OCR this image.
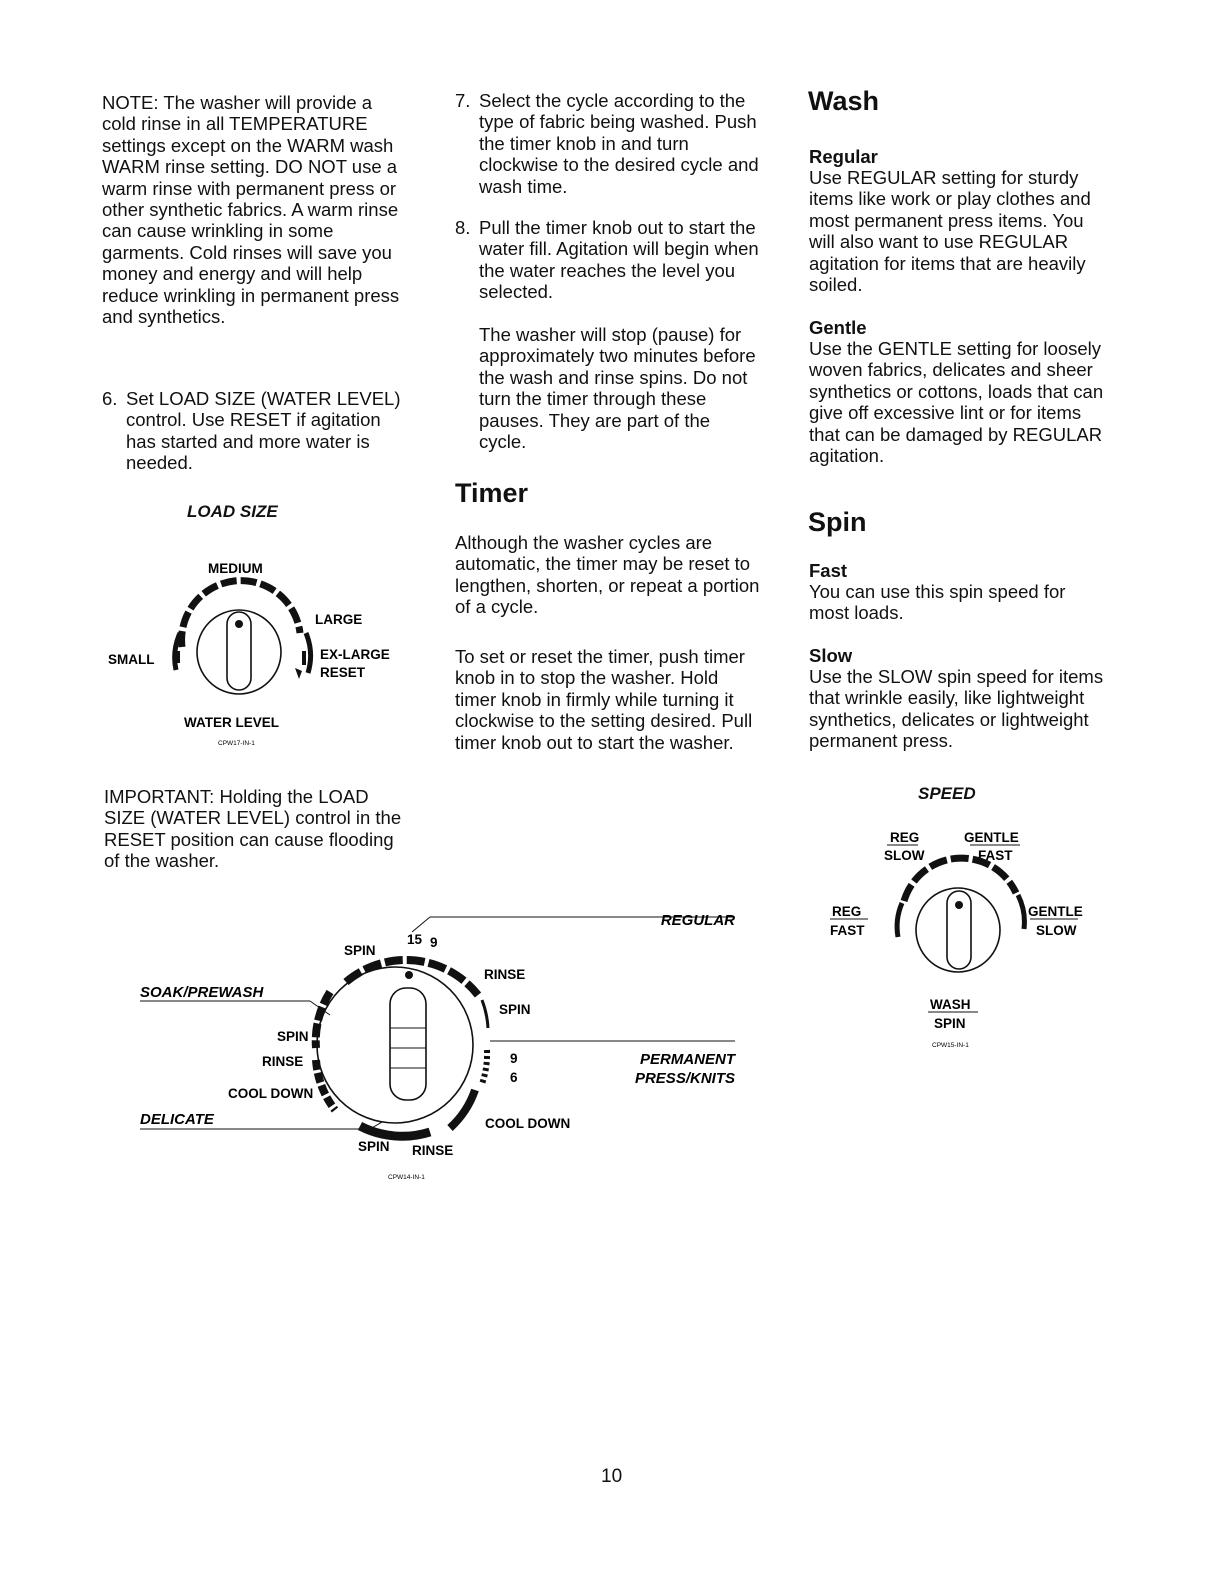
NOTE: The washer will provide a cold rinse in all TEMPERATURE settings except on the WARM wash WARM rinse setting. DO NOT use a warm rinse with permanent press or other synthetic fabrics. A warm rinse can cause wrinkling in some garments. Cold rinses will save you money and energy and will help reduce wrinkling in permanent press and synthetics.
6. Set LOAD SIZE (WATER LEVEL) control. Use RESET if agitation has started and more water is needed.
LOAD SIZE
MEDIUM
LARGE
SMALL	EX-LARGE
RESET
WATER LEVEL
CPW17-IN-1
IMPORTANT: Holding the LOAD SIZE (WATER LEVEL) control in the RESET position can cause flooding of the washer.
7. Select the cycle according to the type of fabric being washed. Push the timer knob in and turn clockwise to the desired cycle and wash time.
8. Pull the timer knob out to start the water fill. Agitation will begin when the water reaches the level you selected.
The washer will stop (pause) for approximately two minutes before the wash and rinse spins. Do not turn the timer through these pauses. They are part of the cycle.
Timer
Although the washer cycles are automatic, the timer may be reset to lengthen, shorten, or repeat a portion of a cycle.
To set or reset the timer, push timer knob in to stop the washer. Hold timer knob in firmly while turning it clockwise to the setting desired. Pull timer knob out to start the washer.
REGULAR
SOAK/PREWASH
PERMANENT
PRESS/KNITS
DELICATE
SPIN
15 9
RINSE
SPIN
SPIN
RINSE
COOL DOWN
9
6
COOL DOWN
SPIN RINSE
CPW14-IN-1
Wash
Regular
Use REGULAR setting for sturdy items like work or play clothes and most permanent press items. You will also want to use REGULAR agitation for items that are heavily soiled.
Gentle
Use the GENTLE setting for loosely woven fabrics, delicates and sheer synthetics or cottons, loads that can give off excessive lint or for items that can be damaged by REGULAR agitation.
Spin
Fast
You can use this spin speed for most loads.
Slow
Use the SLOW spin speed for items that wrinkle easily, like lightweight synthetics, delicates or lightweight permanent press.
SPEED
REG
SLOW
GENTLE
FAST
REG
FAST
GENTLE
SLOW
WASH
SPIN
CPW15-IN-1
10
